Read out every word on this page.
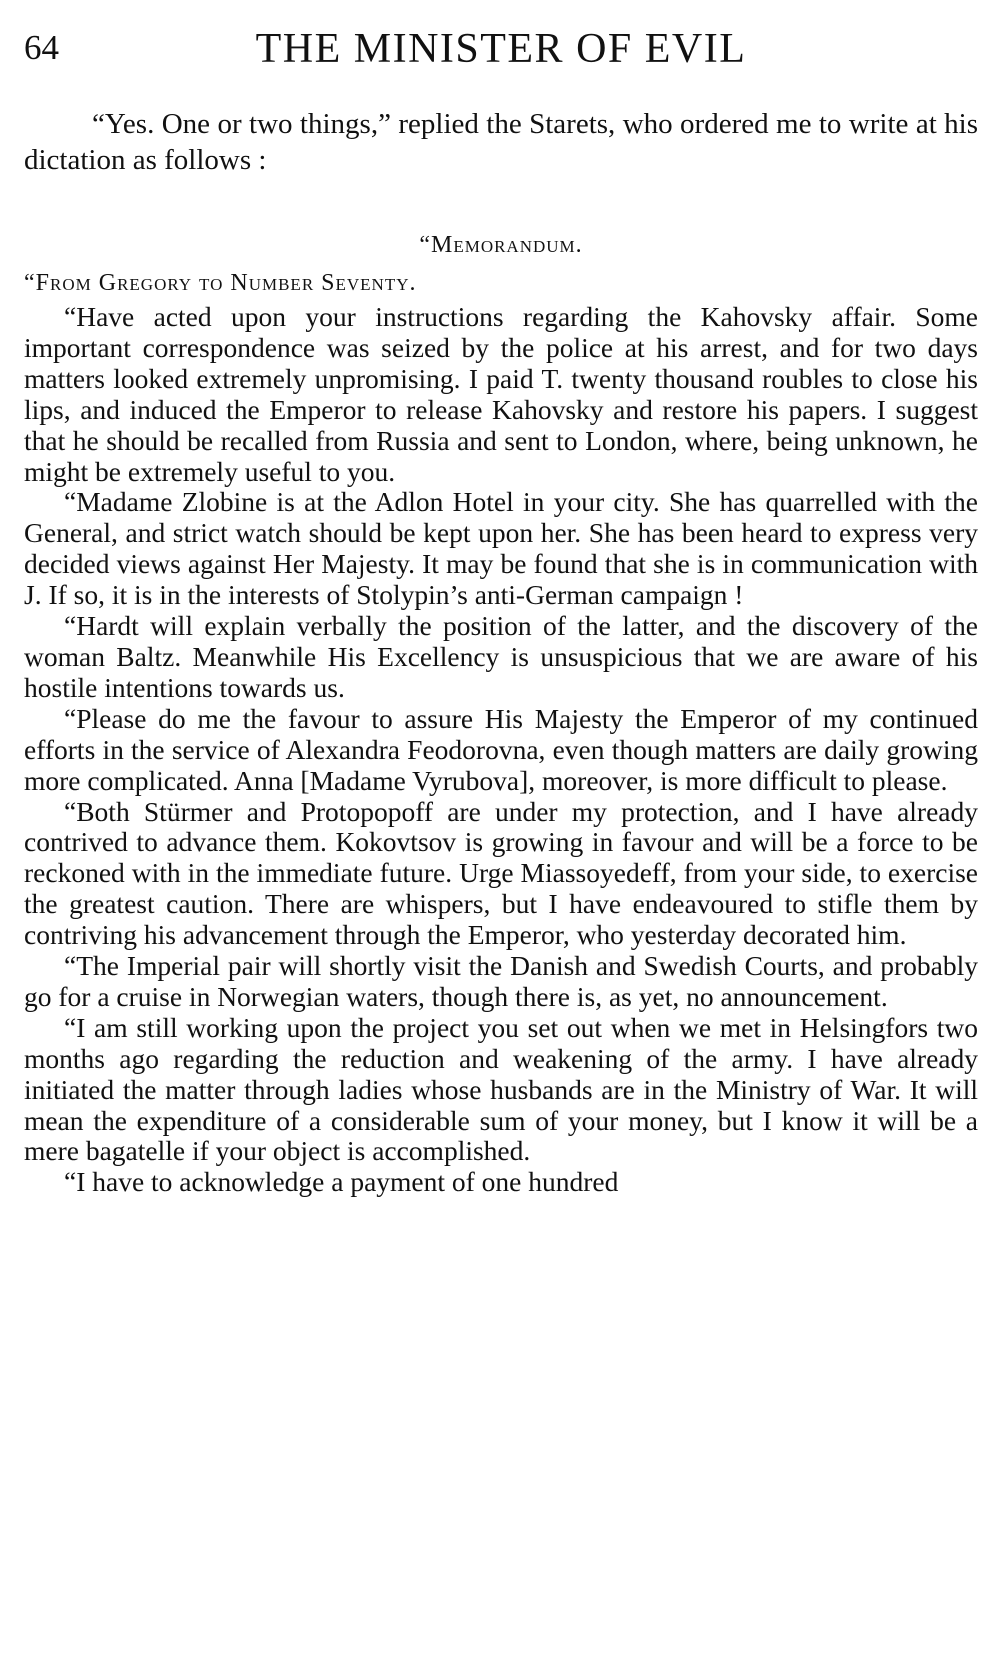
64	THE MINISTER OF EVIL

“Yes. One or two things,” replied the Starets, who ordered me to write at his dictation as follows :

“Memorandum.
“From Gregory to Number Seventy.

“Have acted upon your instructions regarding the Kahovsky affair. Some important correspondence was seized by the police at his arrest, and for two days matters looked extremely unpromising. I paid T. twenty thousand roubles to close his lips, and induced the Emperor to release Kahovsky and restore his papers. I suggest that he should be recalled from Russia and sent to London, where, being unknown, he might be extremely useful to you.

“Madame Zlobine is at the Adlon Hotel in your city. She has quarrelled with the General, and strict watch should be kept upon her. She has been heard to express very decided views against Her Majesty. It may be found that she is in communication with J. If so, it is in the interests of Stolypin’s anti-German campaign !

“Hardt will explain verbally the position of the latter, and the discovery of the woman Baltz. Meanwhile His Excellency is unsuspicious that we are aware of his hostile intentions towards us.

“Please do me the favour to assure His Majesty the Emperor of my continued efforts in the service of Alexandra Feodorovna, even though matters are daily growing more complicated. Anna [Madame Vyrubova], moreover, is more difficult to please.

“Both Stürmer and Protopopoff are under my protection, and I have already contrived to advance them. Kokovtsov is growing in favour and will be a force to be reckoned with in the immediate future. Urge Miassoyedeff, from your side, to exercise the greatest caution. There are whispers, but I have endeavoured to stifle them by contriving his advancement through the Emperor, who yesterday decorated him.

“The Imperial pair will shortly visit the Danish and Swedish Courts, and probably go for a cruise in Norwegian waters, though there is, as yet, no announcement.

“I am still working upon the project you set out when we met in Helsingfors two months ago regarding the reduction and weakening of the army. I have already initiated the matter through ladies whose husbands are in the Ministry of War. It will mean the expenditure of a considerable sum of your money, but I know it will be a mere bagatelle if your object is accomplished.

“I have to acknowledge a payment of one hundred
